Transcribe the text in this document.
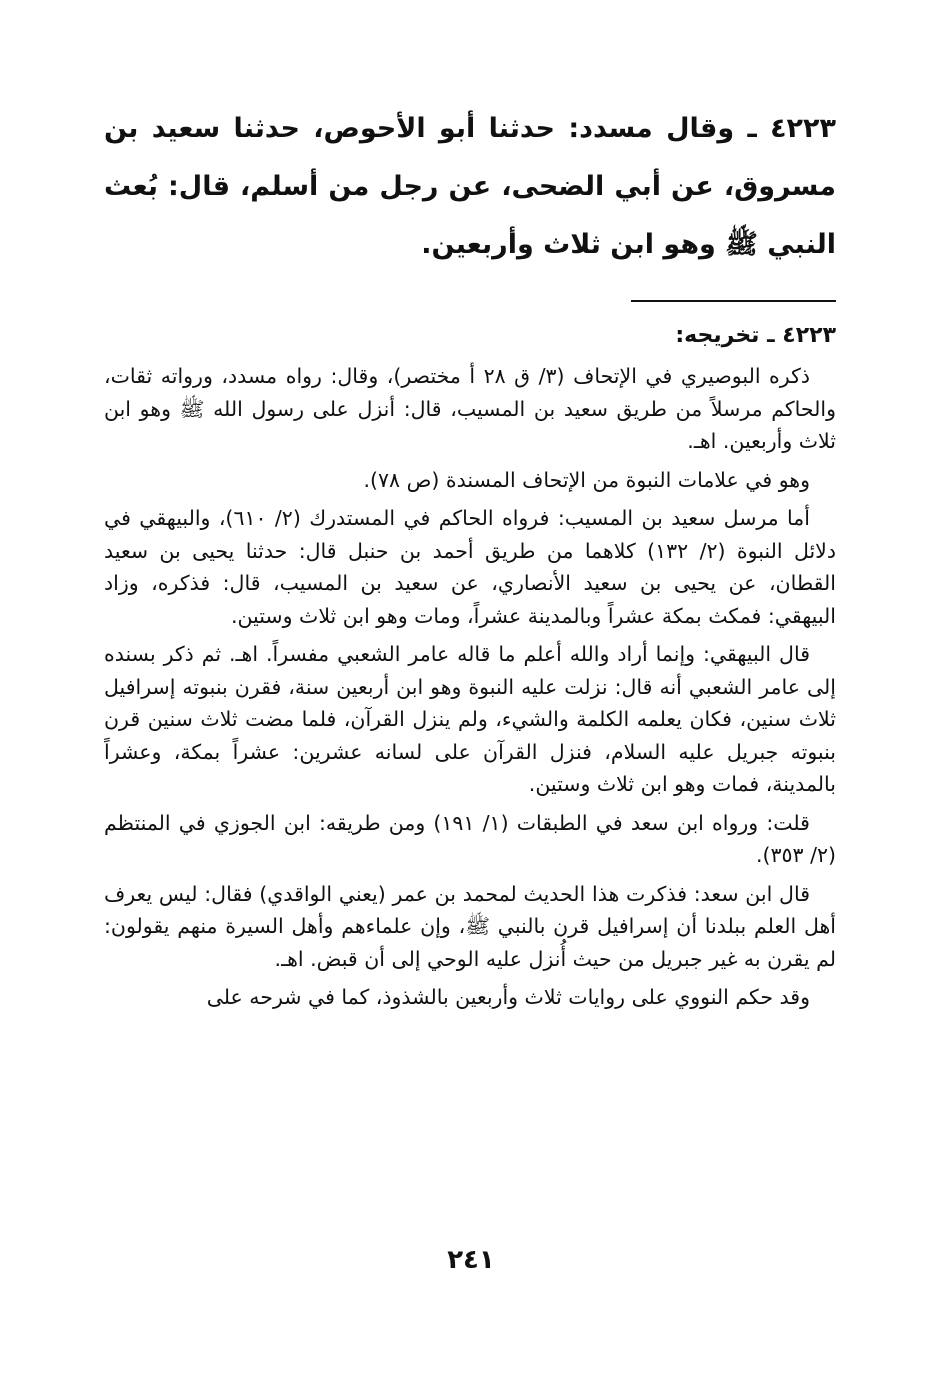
٤٢٢٣ ـ وقال مسدد: حدثنا أبو الأحوص، حدثنا سعيد بن مسروق، عن أبي الضحى، عن رجل من أسلم، قال: بُعث النبي ﷺ وهو ابن ثلاث وأربعين.

٤٢٢٣ ـ تخريجه:

ذكره البوصيري في الإتحاف (٣/ ق ٢٨ أ مختصر)، وقال: رواه مسدد، ورواته ثقات، والحاكم مرسلاً من طريق سعيد بن المسيب، قال: أنزل على رسول الله ﷺ وهو ابن ثلاث وأربعين. اهـ.

وهو في علامات النبوة من الإتحاف المسندة (ص ٧٨).

أما مرسل سعيد بن المسيب: فرواه الحاكم في المستدرك (٢/ ٦١٠)، والبيهقي في دلائل النبوة (٢/ ١٣٢) كلاهما من طريق أحمد بن حنبل قال: حدثنا يحيى بن سعيد القطان، عن يحيى بن سعيد الأنصاري، عن سعيد بن المسيب، قال: فذكره، وزاد البيهقي: فمكث بمكة عشراً وبالمدينة عشراً، ومات وهو ابن ثلاث وستين.

قال البيهقي: وإنما أراد والله أعلم ما قاله عامر الشعبي مفسراً. اهـ. ثم ذكر بسنده إلى عامر الشعبي أنه قال: نزلت عليه النبوة وهو ابن أربعين سنة، فقرن بنبوته إسرافيل ثلاث سنين، فكان يعلمه الكلمة والشيء، ولم ينزل القرآن، فلما مضت ثلاث سنين قرن بنبوته جبريل عليه السلام، فنزل القرآن على لسانه عشرين: عشراً بمكة، وعشراً بالمدينة، فمات وهو ابن ثلاث وستين.

قلت: ورواه ابن سعد في الطبقات (١/ ١٩١) ومن طريقه: ابن الجوزي في المنتظم (٢/ ٣٥٣).

قال ابن سعد: فذكرت هذا الحديث لمحمد بن عمر (يعني الواقدي) فقال: ليس يعرف أهل العلم ببلدنا أن إسرافيل قرن بالنبي ﷺ، وإن علماءهم وأهل السيرة منهم يقولون: لم يقرن به غير جبريل من حيث أُنزل عليه الوحي إلى أن قبض. اهـ.

وقد حكم النووي على روايات ثلاث وأربعين بالشذوذ، كما في شرحه على

٢٤١
